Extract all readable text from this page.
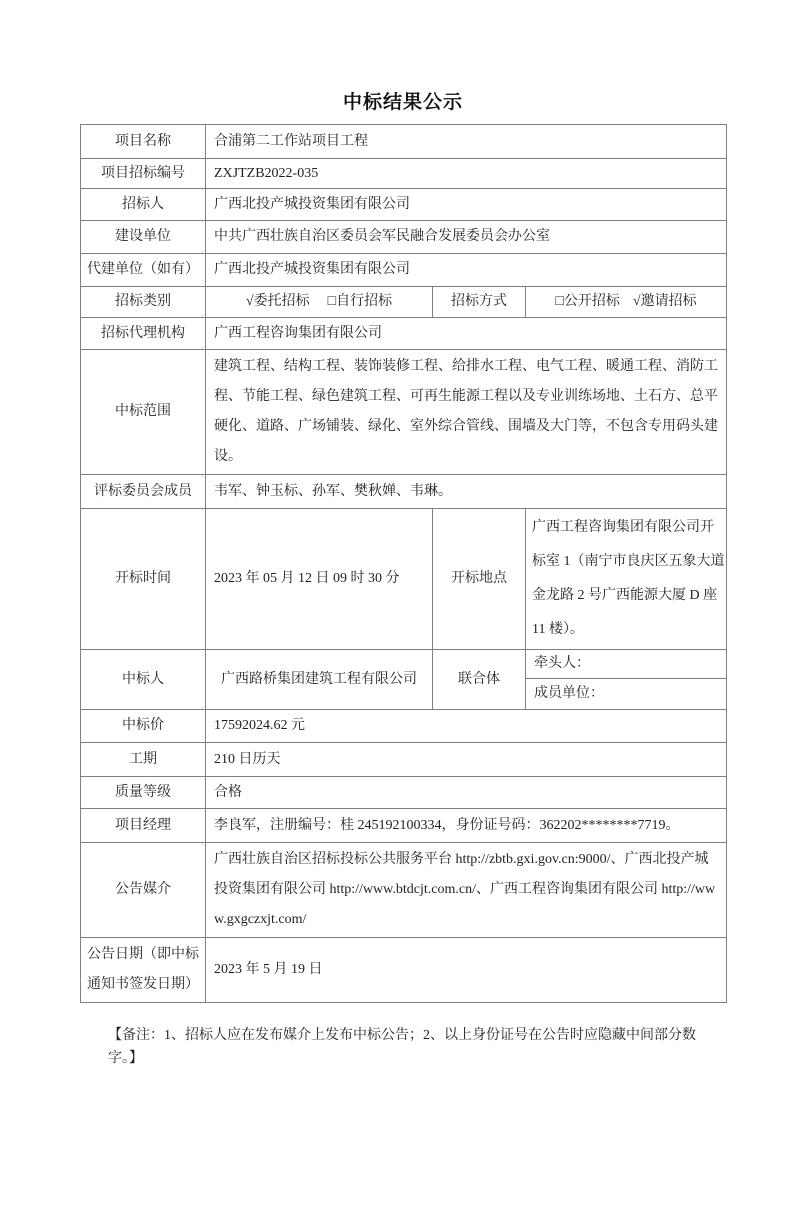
中标结果公示
项目名称	合浦第二工作站项目工程		
项目招标编号	ZXJTZB2022-035		
招标人	广西北投产城投资集团有限公司		
建设单位	中共广西壮族自治区委员会军民融合发展委员会办公室		
代建单位（如有）	广西北投产城投资集团有限公司		
招标类别	√委托招标 □自行招标	招标方式	□公开招标 √邀请招标

招标代理机构	广西工程咨询集团有限公司		
中标范围	建筑工程、结构工程、装饰装修工程、给排水工程、电气工程、暖通工程、消防工程、节能工程、绿色建筑工程、可再生能源工程以及专业训练场地、土石方、总平硬化、道路、广场铺装、绿化、室外综合管线、围墙及大门等，不包含专用码头建设。		
评标委员会成员	韦军、钟玉标、孙军、樊秋婵、韦琳。		
开标时间	2023 年 05 月 12 日 09 时 30 分	开标地点	广西工程咨询集团有限公司开标室 1（南宁市良庆区五象大道金龙路 2 号广西能源大厦 D 座 11 楼）。
中标人	广西路桥集团建筑工程有限公司	联合体	牵头人：
			成员单位：
中标价	17592024.62 元		
工期	210 日历天		
质量等级	合格		
项目经理	李良军，注册编号：桂 245192100334，身份证号码：362202********7719。		
公告媒介	广西壮族自治区招标投标公共服务平台 http://zbtb.gxi.gov.cn:9000/、广西北投产城投资集团有限公司 http://www.btdcjt.com.cn/、广西工程咨询集团有限公司 http://www.gxgczxjt.com/		
公告日期（即中标通知书签发日期）	2023 年 5 月 19 日		
【备注：1、招标人应在发布媒介上发布中标公告；2、以上身份证号在公告时应隐藏中间部分数字。】
